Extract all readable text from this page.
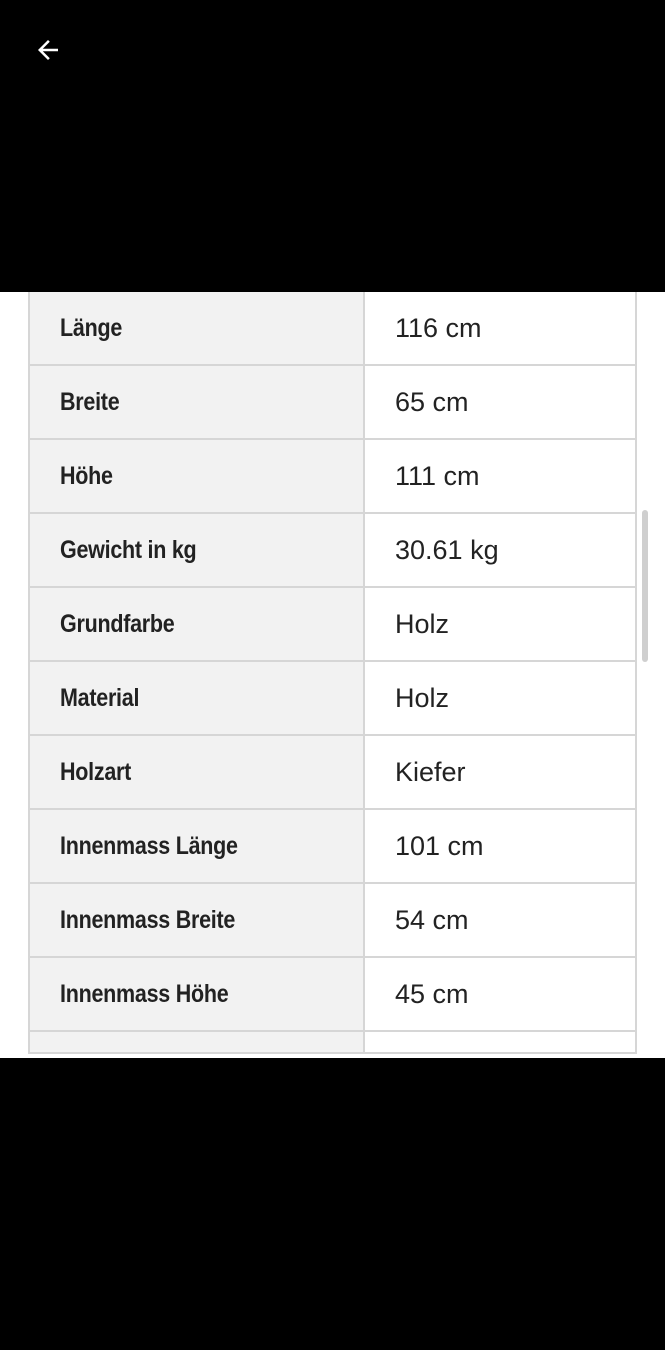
Länge	116 cm
Breite	65 cm
Höhe	111 cm
Gewicht in kg	30.61 kg
Grundfarbe	Holz
Material	Holz
Holzart	Kiefer
Innenmass Länge	101 cm
Innenmass Breite	54 cm
Innenmass Höhe	45 cm
